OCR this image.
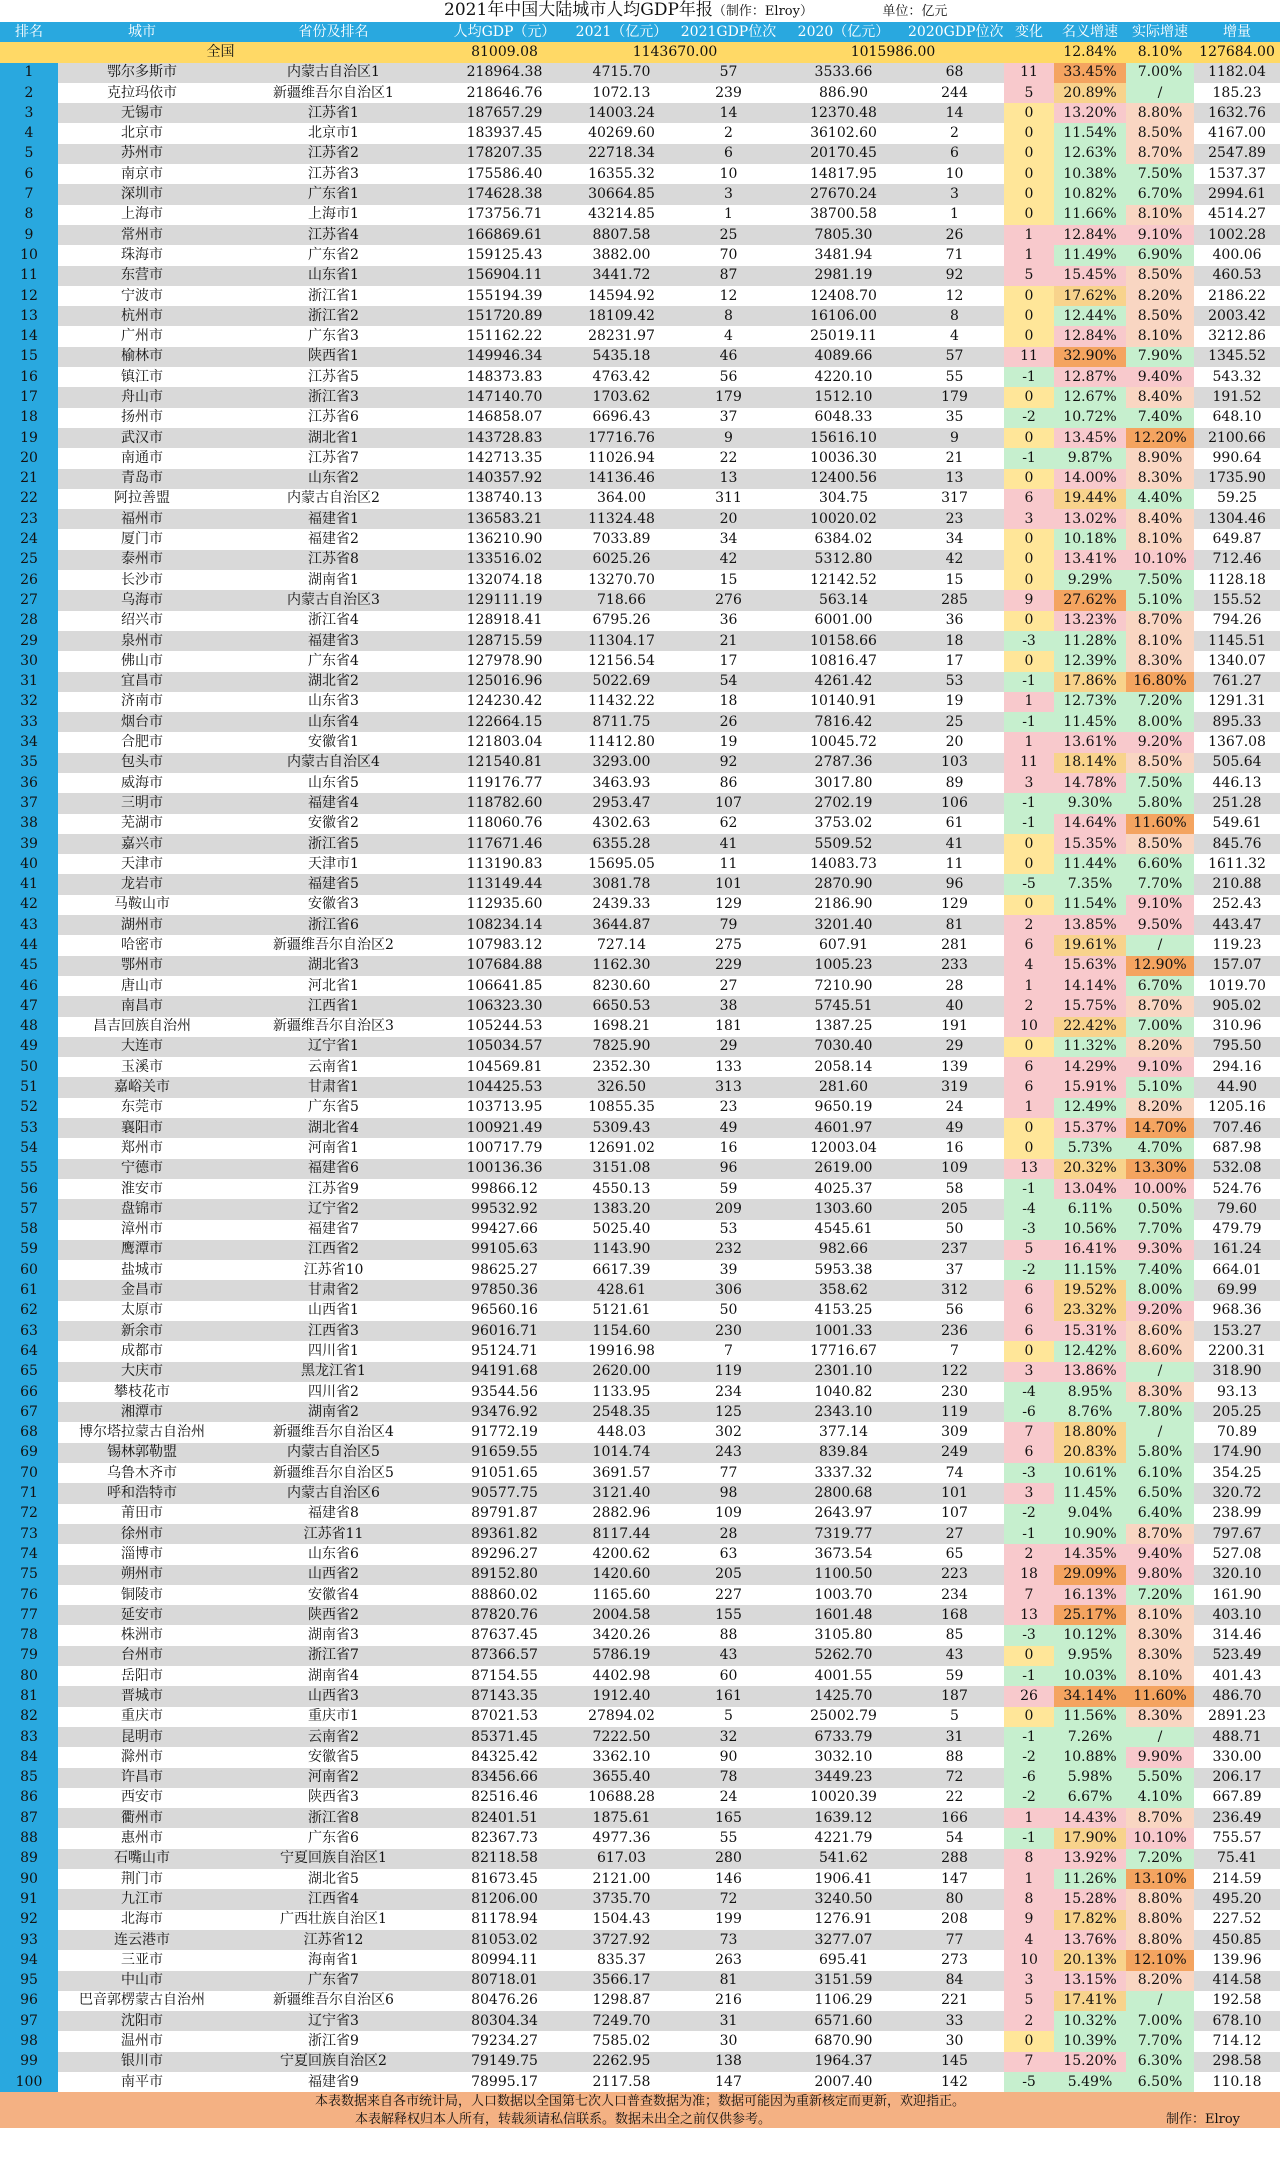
			2021年中国大陆城市人均GDP年报（制作：Elroy） 单位：亿元								
排名	城市	省份及排名	人均GDP（元）	2021（亿元）	2021GDP位次	2020（亿元）	2020GDP位次	变化	名义增速	实际增速	增量
全国			81009.08	1143670.00		1015986.00			12.84%	8.10%	127684.00
1	鄂尔多斯市	内蒙古自治区1	218964.38	4715.70	57	3533.66	68	11	33.45%	7.00%	1182.04
2	克拉玛依市	新疆维吾尔自治区1	218646.76	1072.13	239	886.90	244	5	20.89%	/	185.23
3	无锡市	江苏省1	187657.29	14003.24	14	12370.48	14	0	13.20%	8.80%	1632.76
4	北京市	北京市1	183937.45	40269.60	2	36102.60	2	0	11.54%	8.50%	4167.00
5	苏州市	江苏省2	178207.35	22718.34	6	20170.45	6	0	12.63%	8.70%	2547.89
6	南京市	江苏省3	175586.40	16355.32	10	14817.95	10	0	10.38%	7.50%	1537.37
7	深圳市	广东省1	174628.38	30664.85	3	27670.24	3	0	10.82%	6.70%	2994.61
8	上海市	上海市1	173756.71	43214.85	1	38700.58	1	0	11.66%	8.10%	4514.27
9	常州市	江苏省4	166869.61	8807.58	25	7805.30	26	1	12.84%	9.10%	1002.28
10	珠海市	广东省2	159125.43	3882.00	70	3481.94	71	1	11.49%	6.90%	400.06
11	东营市	山东省1	156904.11	3441.72	87	2981.19	92	5	15.45%	8.50%	460.53
12	宁波市	浙江省1	155194.39	14594.92	12	12408.70	12	0	17.62%	8.20%	2186.22
13	杭州市	浙江省2	151720.89	18109.42	8	16106.00	8	0	12.44%	8.50%	2003.42
14	广州市	广东省3	151162.22	28231.97	4	25019.11	4	0	12.84%	8.10%	3212.86
15	榆林市	陕西省1	149946.34	5435.18	46	4089.66	57	11	32.90%	7.90%	1345.52
16	镇江市	江苏省5	148373.83	4763.42	56	4220.10	55	-1	12.87%	9.40%	543.32
17	舟山市	浙江省3	147140.70	1703.62	179	1512.10	179	0	12.67%	8.40%	191.52
18	扬州市	江苏省6	146858.07	6696.43	37	6048.33	35	-2	10.72%	7.40%	648.10
19	武汉市	湖北省1	143728.83	17716.76	9	15616.10	9	0	13.45%	12.20%	2100.66
20	南通市	江苏省7	142713.35	11026.94	22	10036.30	21	-1	9.87%	8.90%	990.64
21	青岛市	山东省2	140357.92	14136.46	13	12400.56	13	0	14.00%	8.30%	1735.90
22	阿拉善盟	内蒙古自治区2	138740.13	364.00	311	304.75	317	6	19.44%	4.40%	59.25
23	福州市	福建省1	136583.21	11324.48	20	10020.02	23	3	13.02%	8.40%	1304.46
24	厦门市	福建省2	136210.90	7033.89	34	6384.02	34	0	10.18%	8.10%	649.87
25	泰州市	江苏省8	133516.02	6025.26	42	5312.80	42	0	13.41%	10.10%	712.46
26	长沙市	湖南省1	132074.18	13270.70	15	12142.52	15	0	9.29%	7.50%	1128.18
27	乌海市	内蒙古自治区3	129111.19	718.66	276	563.14	285	9	27.62%	5.10%	155.52
28	绍兴市	浙江省4	128918.41	6795.26	36	6001.00	36	0	13.23%	8.70%	794.26
29	泉州市	福建省3	128715.59	11304.17	21	10158.66	18	-3	11.28%	8.10%	1145.51
30	佛山市	广东省4	127978.90	12156.54	17	10816.47	17	0	12.39%	8.30%	1340.07
31	宜昌市	湖北省2	125016.96	5022.69	54	4261.42	53	-1	17.86%	16.80%	761.27
32	济南市	山东省3	124230.42	11432.22	18	10140.91	19	1	12.73%	7.20%	1291.31
33	烟台市	山东省4	122664.15	8711.75	26	7816.42	25	-1	11.45%	8.00%	895.33
34	合肥市	安徽省1	121803.04	11412.80	19	10045.72	20	1	13.61%	9.20%	1367.08
35	包头市	内蒙古自治区4	121540.81	3293.00	92	2787.36	103	11	18.14%	8.50%	505.64
36	威海市	山东省5	119176.77	3463.93	86	3017.80	89	3	14.78%	7.50%	446.13
37	三明市	福建省4	118782.60	2953.47	107	2702.19	106	-1	9.30%	5.80%	251.28
38	芜湖市	安徽省2	118060.76	4302.63	62	3753.02	61	-1	14.64%	11.60%	549.61
39	嘉兴市	浙江省5	117671.46	6355.28	41	5509.52	41	0	15.35%	8.50%	845.76
40	天津市	天津市1	113190.83	15695.05	11	14083.73	11	0	11.44%	6.60%	1611.32
41	龙岩市	福建省5	113149.44	3081.78	101	2870.90	96	-5	7.35%	7.70%	210.88
42	马鞍山市	安徽省3	112935.60	2439.33	129	2186.90	129	0	11.54%	9.10%	252.43
43	湖州市	浙江省6	108234.14	3644.87	79	3201.40	81	2	13.85%	9.50%	443.47
44	哈密市	新疆维吾尔自治区2	107983.12	727.14	275	607.91	281	6	19.61%	/	119.23
45	鄂州市	湖北省3	107684.88	1162.30	229	1005.23	233	4	15.63%	12.90%	157.07
46	唐山市	河北省1	106641.85	8230.60	27	7210.90	28	1	14.14%	6.70%	1019.70
47	南昌市	江西省1	106323.30	6650.53	38	5745.51	40	2	15.75%	8.70%	905.02
48	昌吉回族自治州	新疆维吾尔自治区3	105244.53	1698.21	181	1387.25	191	10	22.42%	7.00%	310.96
49	大连市	辽宁省1	105034.57	7825.90	29	7030.40	29	0	11.32%	8.20%	795.50
50	玉溪市	云南省1	104569.81	2352.30	133	2058.14	139	6	14.29%	9.10%	294.16
51	嘉峪关市	甘肃省1	104425.53	326.50	313	281.60	319	6	15.91%	5.10%	44.90
52	东莞市	广东省5	103713.95	10855.35	23	9650.19	24	1	12.49%	8.20%	1205.16
53	襄阳市	湖北省4	100921.49	5309.43	49	4601.97	49	0	15.37%	14.70%	707.46
54	郑州市	河南省1	100717.79	12691.02	16	12003.04	16	0	5.73%	4.70%	687.98
55	宁德市	福建省6	100136.36	3151.08	96	2619.00	109	13	20.32%	13.30%	532.08
56	淮安市	江苏省9	99866.12	4550.13	59	4025.37	58	-1	13.04%	10.00%	524.76
57	盘锦市	辽宁省2	99532.92	1383.20	209	1303.60	205	-4	6.11%	0.50%	79.60
58	漳州市	福建省7	99427.66	5025.40	53	4545.61	50	-3	10.56%	7.70%	479.79
59	鹰潭市	江西省2	99105.63	1143.90	232	982.66	237	5	16.41%	9.30%	161.24
60	盐城市	江苏省10	98625.27	6617.39	39	5953.38	37	-2	11.15%	7.40%	664.01
61	金昌市	甘肃省2	97850.36	428.61	306	358.62	312	6	19.52%	8.00%	69.99
62	太原市	山西省1	96560.16	5121.61	50	4153.25	56	6	23.32%	9.20%	968.36
63	新余市	江西省3	96016.71	1154.60	230	1001.33	236	6	15.31%	8.60%	153.27
64	成都市	四川省1	95124.71	19916.98	7	17716.67	7	0	12.42%	8.60%	2200.31
65	大庆市	黑龙江省1	94191.68	2620.00	119	2301.10	122	3	13.86%	/	318.90
66	攀枝花市	四川省2	93544.56	1133.95	234	1040.82	230	-4	8.95%	8.30%	93.13
67	湘潭市	湖南省2	93476.92	2548.35	125	2343.10	119	-6	8.76%	7.80%	205.25
68	博尔塔拉蒙古自治州	新疆维吾尔自治区4	91772.19	448.03	302	377.14	309	7	18.80%	/	70.89
69	锡林郭勒盟	内蒙古自治区5	91659.55	1014.74	243	839.84	249	6	20.83%	5.80%	174.90
70	乌鲁木齐市	新疆维吾尔自治区5	91051.65	3691.57	77	3337.32	74	-3	10.61%	6.10%	354.25
71	呼和浩特市	内蒙古自治区6	90577.75	3121.40	98	2800.68	101	3	11.45%	6.50%	320.72
72	莆田市	福建省8	89791.87	2882.96	109	2643.97	107	-2	9.04%	6.40%	238.99
73	徐州市	江苏省11	89361.82	8117.44	28	7319.77	27	-1	10.90%	8.70%	797.67
74	淄博市	山东省6	89296.27	4200.62	63	3673.54	65	2	14.35%	9.40%	527.08
75	朔州市	山西省2	89152.80	1420.60	205	1100.50	223	18	29.09%	9.80%	320.10
76	铜陵市	安徽省4	88860.02	1165.60	227	1003.70	234	7	16.13%	7.20%	161.90
77	延安市	陕西省2	87820.76	2004.58	155	1601.48	168	13	25.17%	8.10%	403.10
78	株洲市	湖南省3	87637.45	3420.26	88	3105.80	85	-3	10.12%	8.30%	314.46
79	台州市	浙江省7	87366.57	5786.19	43	5262.70	43	0	9.95%	8.30%	523.49
80	岳阳市	湖南省4	87154.55	4402.98	60	4001.55	59	-1	10.03%	8.10%	401.43
81	晋城市	山西省3	87143.35	1912.40	161	1425.70	187	26	34.14%	11.60%	486.70
82	重庆市	重庆市1	87021.53	27894.02	5	25002.79	5	0	11.56%	8.30%	2891.23
83	昆明市	云南省2	85371.45	7222.50	32	6733.79	31	-1	7.26%	/	488.71
84	滁州市	安徽省5	84325.42	3362.10	90	3032.10	88	-2	10.88%	9.90%	330.00
85	许昌市	河南省2	83456.66	3655.40	78	3449.23	72	-6	5.98%	5.50%	206.17
86	西安市	陕西省3	82516.46	10688.28	24	10020.39	22	-2	6.67%	4.10%	667.89
87	衢州市	浙江省8	82401.51	1875.61	165	1639.12	166	1	14.43%	8.70%	236.49
88	惠州市	广东省6	82367.73	4977.36	55	4221.79	54	-1	17.90%	10.10%	755.57
89	石嘴山市	宁夏回族自治区1	82118.58	617.03	280	541.62	288	8	13.92%	7.20%	75.41
90	荆门市	湖北省5	81673.45	2121.00	146	1906.41	147	1	11.26%	13.10%	214.59
91	九江市	江西省4	81206.00	3735.70	72	3240.50	80	8	15.28%	8.80%	495.20
92	北海市	广西壮族自治区1	81178.94	1504.43	199	1276.91	208	9	17.82%	8.80%	227.52
93	连云港市	江苏省12	81053.02	3727.92	73	3277.07	77	4	13.76%	8.80%	450.85
94	三亚市	海南省1	80994.11	835.37	263	695.41	273	10	20.13%	12.10%	139.96
95	中山市	广东省7	80718.01	3566.17	81	3151.59	84	3	13.15%	8.20%	414.58
96	巴音郭楞蒙古自治州	新疆维吾尔自治区6	80476.26	1298.87	216	1106.29	221	5	17.41%	/	192.58
97	沈阳市	辽宁省3	80304.34	7249.70	31	6571.60	33	2	10.32%	7.00%	678.10
98	温州市	浙江省9	79234.27	7585.02	30	6870.90	30	0	10.39%	7.70%	714.12
99	银川市	宁夏回族自治区2	79149.75	2262.95	138	1964.37	145	7	15.20%	6.30%	298.58
100	南平市	福建省9	78995.17	2117.58	147	2007.40	142	-5	5.49%	6.50%	110.18
本表数据来自各市统计局，人口数据以全国第七次人口普查数据为准；数据可能因为重新核定而更新，欢迎指正。											
本表解释权归本人所有，转载须请私信联系。数据未出全之前仅供参考。										制作：Elroy	
